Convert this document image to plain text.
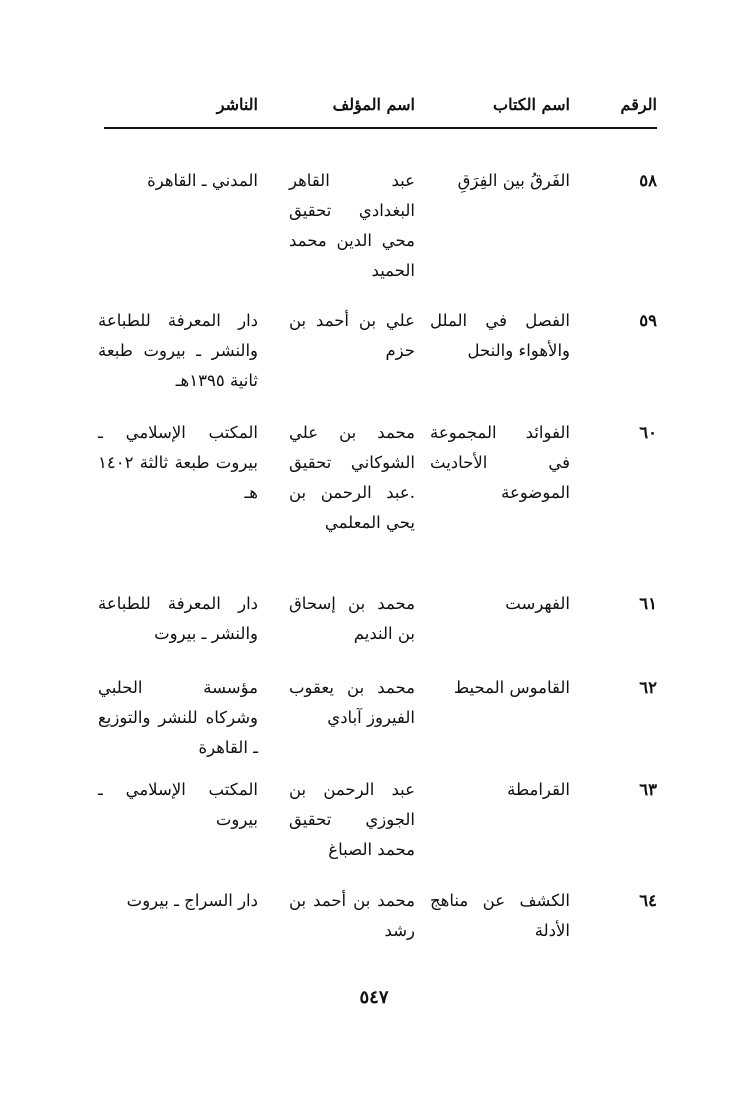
الرقم
اسم الكتاب
اسم المؤلف
الناشر
٥٨
الفَرقُ بين الفِرَقِ
عبد القاهر البغدادي تحقيق محي الدين محمد الحميد
المدني ـ القاهرة
٥٩
الفصل في الملل والأهواء والنحل
علي بن أحمد بن حزم
دار المعرفة للطباعة والنشر ـ بيروت طبعة ثانية ١٣٩٥هـ
٦٠
الفوائد المجموعة في الأحاديث الموضوعة
محمد بن علي الشوكاني تحقيق .عبد الرحمن بن يحي المعلمي
المكتب الإسلامي ـ بيروت طبعة ثالثة ١٤٠٢ هـ
٦١
الفهرست
محمد بن إسحاق بن النديم
دار المعرفة للطباعة والنشر ـ بيروت
٦٢
القاموس المحيط
محمد بن يعقوب الفيروز آبادي
مؤسسة الحلبي وشركاه للنشر والتوزيع ـ القاهرة
٦٣
القرامطة
عبد الرحمن بن الجوزي تحقيق محمد الصباغ
المكتب الإسلامي ـ بيروت
٦٤
الكشف عن مناهج الأدلة
محمد بن أحمد بن رشد
دار السراج ـ بيروت
٥٤٧
